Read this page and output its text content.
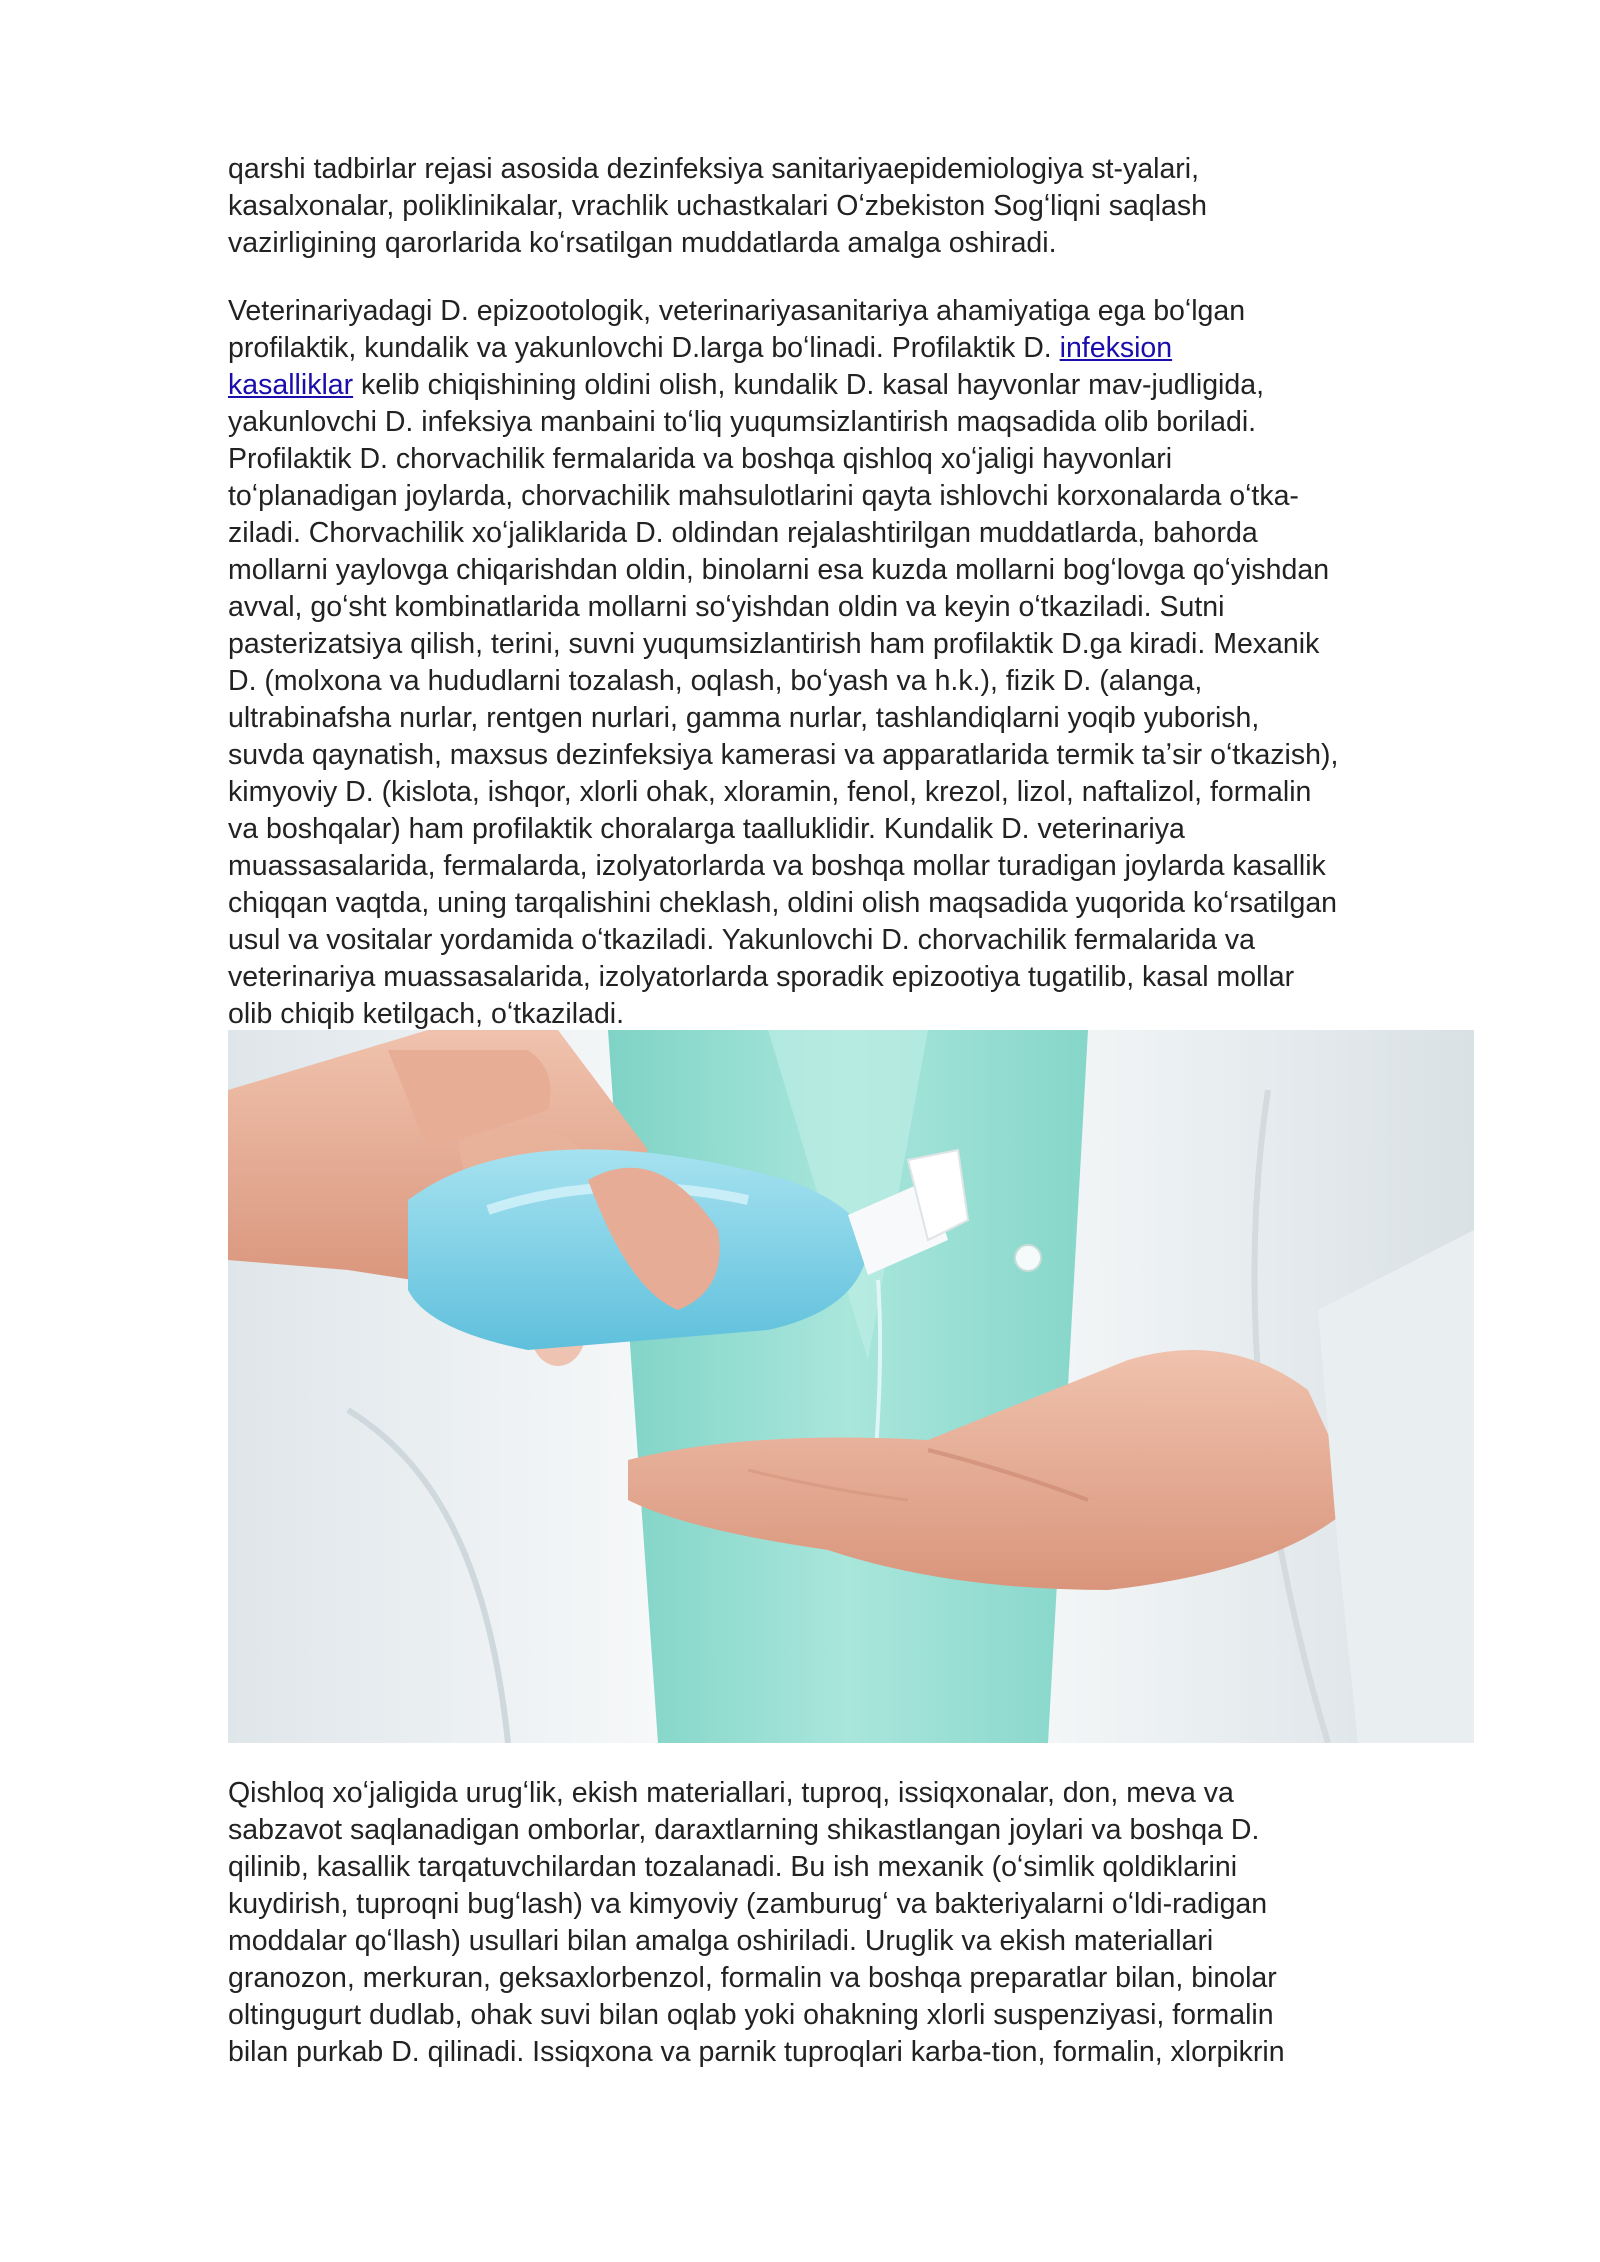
qarshi tadbirlar rejasi asosida dezinfeksiya sanitariyaepidemiologiya st-yalari,
kasalxonalar, poliklinikalar, vrachlik uchastkalari Oʻzbekiston Sogʻliqni saqlash
vazirligining qarorlarida koʻrsatilgan muddatlarda amalga oshiradi.

Veterinariyadagi D. epizootologik, veterinariyasanitariya ahamiyatiga ega boʻlgan
profilaktik, kundalik va yakunlovchi D.larga boʻlinadi. Profilaktik D. infeksion
kasalliklar kelib chiqishining oldini olish, kundalik D. kasal hayvonlar mav-judligida,
yakunlovchi D. infeksiya manbaini toʻliq yuqumsizlantirish maqsadida olib boriladi.
Profilaktik D. chorvachilik fermalarida va boshqa qishloq xoʻjaligi hayvonlari
toʻplanadigan joylarda, chorvachilik mahsulotlarini qayta ishlovchi korxonalarda oʻtka-
ziladi. Chorvachilik xoʻjaliklarida D. oldindan rejalashtirilgan muddatlarda, bahorda
mollarni yaylovga chiqarishdan oldin, binolarni esa kuzda mollarni bogʻlovga qoʻyishdan
avval, goʻsht kombinatlarida mollarni soʻyishdan oldin va keyin oʻtkaziladi. Sutni
pasterizatsiya qilish, terini, suvni yuqumsizlantirish ham profilaktik D.ga kiradi. Mexanik
D. (molxona va hududlarni tozalash, oqlash, boʻyash va h.k.), fizik D. (alanga,
ultrabinafsha nurlar, rentgen nurlari, gamma nurlar, tashlandiqlarni yoqib yuborish,
suvda qaynatish, maxsus dezinfeksiya kamerasi va apparatlarida termik taʼsir oʻtkazish),
kimyoviy D. (kislota, ishqor, xlorli ohak, xloramin, fenol, krezol, lizol, naftalizol, formalin
va boshqalar) ham profilaktik choralarga taalluklidir. Kundalik D. veterinariya
muassasalarida, fermalarda, izolyatorlarda va boshqa mollar turadigan joylarda kasallik
chiqqan vaqtda, uning tarqalishini cheklash, oldini olish maqsadida yuqorida koʻrsatilgan
usul va vositalar yordamida oʻtkaziladi. Yakunlovchi D. chorvachilik fermalarida va
veterinariya muassasalarida, izolyatorlarda sporadik epizootiya tugatilib, kasal mollar
olib chiqib ketilgach, oʻtkaziladi.

Qishloq xoʻjaligida urugʻlik, ekish materiallari, tuproq, issiqxonalar, don, meva va
sabzavot saqlanadigan omborlar, daraxtlarning shikastlangan joylari va boshqa D.
qilinib, kasallik tarqatuvchilardan tozalanadi. Bu ish mexanik (oʻsimlik qoldiklarini
kuydirish, tuproqni bugʻlash) va kimyoviy (zamburugʻ va bakteriyalarni oʻldi-radigan
moddalar qoʻllash) usullari bilan amalga oshiriladi. Uruglik va ekish materiallari
granozon, merkuran, geksaxlorbenzol, formalin va boshqa preparatlar bilan, binolar
oltingugurt dudlab, ohak suvi bilan oqlab yoki ohakning xlorli suspenziyasi, formalin
bilan purkab D. qilinadi. Issiqxona va parnik tuproqlari karba-tion, formalin, xlorpikrin
